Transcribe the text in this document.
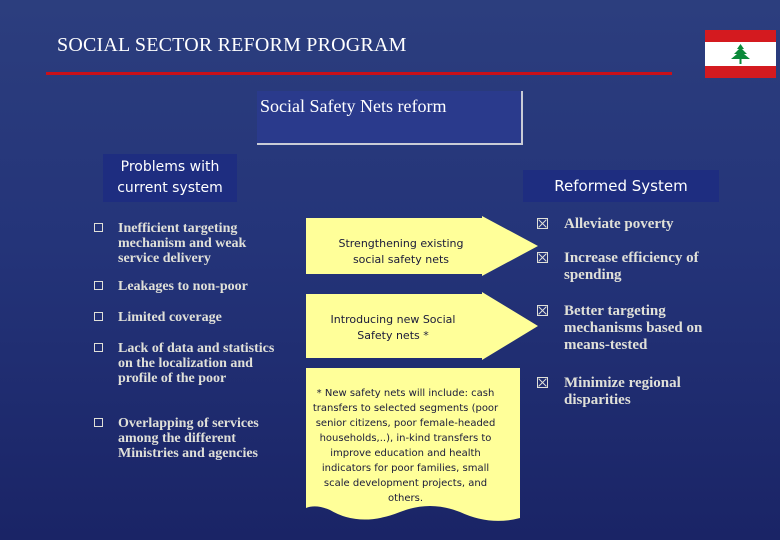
SOCIAL SECTOR REFORM PROGRAM
Social Safety Nets reform
Problems with current system	Reformed System
Inefficient targeting mechanism and weak service delivery
Leakages to non-poor
Limited coverage
Lack of data and statistics on the localization and profile of the poor
Overlapping of services among the different Ministries and agencies
Strengthening existing social safety nets
Introducing new Social Safety nets *
* New safety nets will include: cash transfers to selected segments (poor senior citizens, poor female-headed households,..), in-kind transfers to improve education and health indicators for poor families, small scale development projects, and others.
Alleviate poverty
Increase efficiency of spending
Better targeting mechanisms based on means-tested
Minimize regional disparities
